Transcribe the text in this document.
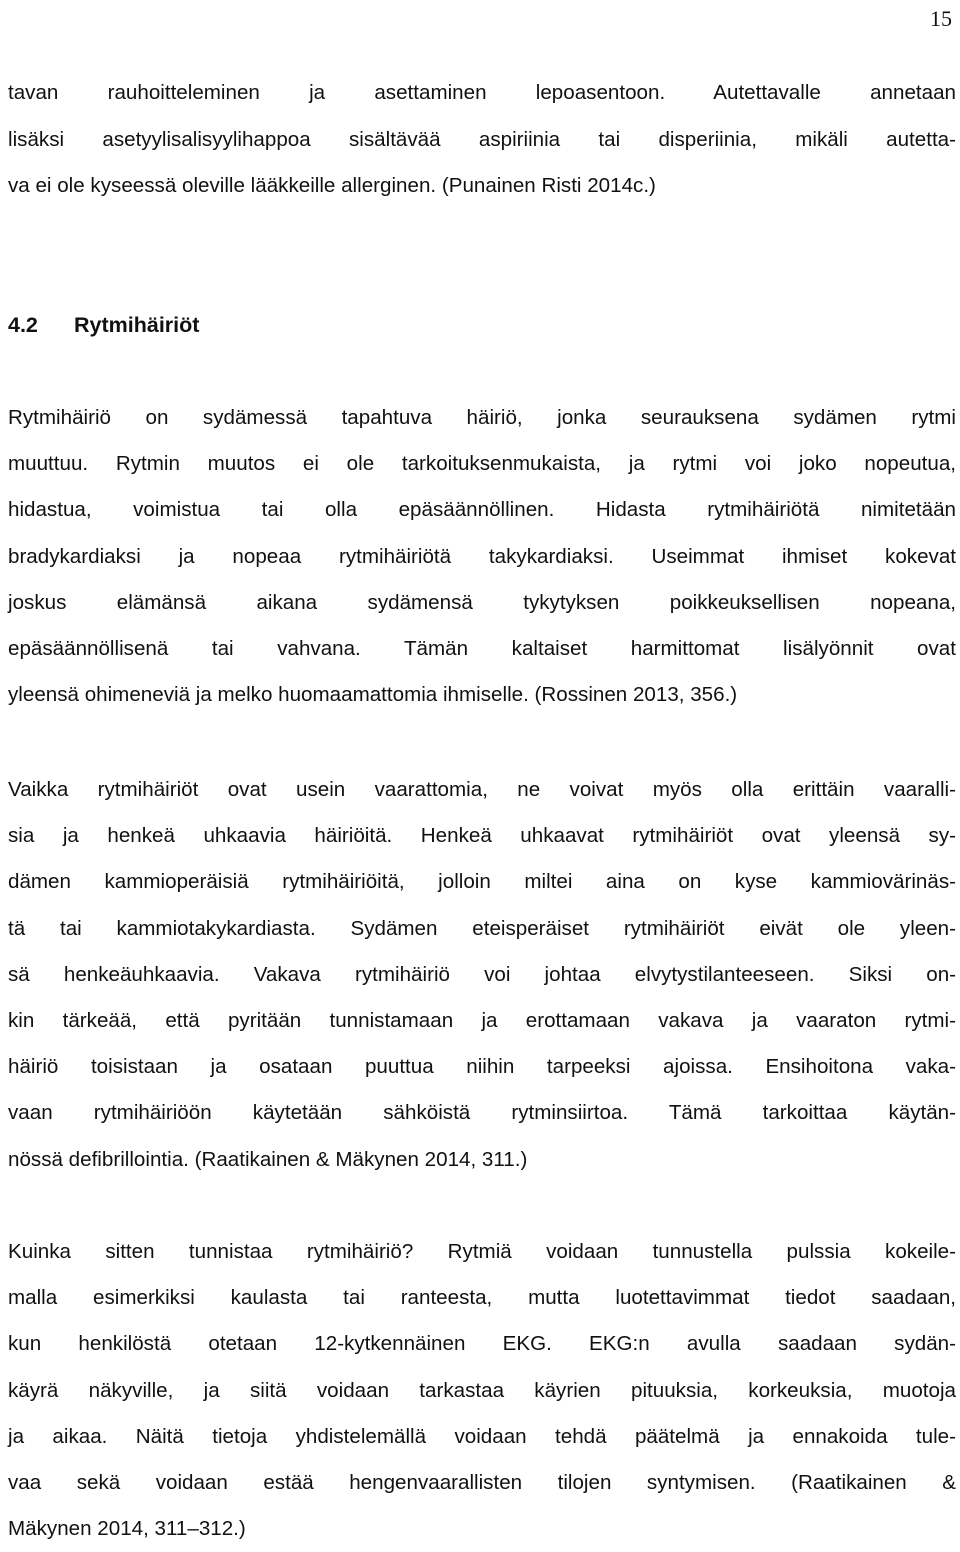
15

tavan rauhoitteleminen ja asettaminen lepoasentoon. Autettavalle annetaan
lisäksi asetyylisalisyylihappoa sisältävää aspiriinia tai disperiinia, mikäli autetta-
va ei ole kyseessä oleville lääkkeille allerginen. (Punainen Risti 2014c.)

4.2 Rytmihäiriöt

Rytmihäiriö on sydämessä tapahtuva häiriö, jonka seurauksena sydämen rytmi
muuttuu. Rytmin muutos ei ole tarkoituksenmukaista, ja rytmi voi joko nopeutua,
hidastua, voimistua tai olla epäsäännöllinen. Hidasta rytmihäiriötä nimitetään
bradykardiaksi ja nopeaa rytmihäiriötä takykardiaksi. Useimmat ihmiset kokevat
joskus elämänsä aikana sydämensä tykytyksen poikkeuksellisen nopeana,
epäsäännöllisenä tai vahvana. Tämän kaltaiset harmittomat lisälyönnit ovat
yleensä ohimeneviä ja melko huomaamattomia ihmiselle. (Rossinen 2013, 356.)

Vaikka rytmihäiriöt ovat usein vaarattomia, ne voivat myös olla erittäin vaaralli-
sia ja henkeä uhkaavia häiriöitä. Henkeä uhkaavat rytmihäiriöt ovat yleensä sy-
dämen kammioperäisiä rytmihäiriöitä, jolloin miltei aina on kyse kammiovärinäs-
tä tai kammiotakykardiasta. Sydämen eteisperäiset rytmihäiriöt eivät ole yleen-
sä henkeäuhkaavia. Vakava rytmihäiriö voi johtaa elvytystilanteeseen. Siksi on-
kin tärkeää, että pyritään tunnistamaan ja erottamaan vakava ja vaaraton rytmi-
häiriö toisistaan ja osataan puuttua niihin tarpeeksi ajoissa. Ensihoitona vaka-
vaan rytmihäiriöön käytetään sähköistä rytminsiirtoa. Tämä tarkoittaa käytän-
nössä defibrillointia. (Raatikainen & Mäkynen 2014, 311.)

Kuinka sitten tunnistaa rytmihäiriö? Rytmiä voidaan tunnustella pulssia kokeile-
malla esimerkiksi kaulasta tai ranteesta, mutta luotettavimmat tiedot saadaan,
kun henkilöstä otetaan 12-kytkennäinen EKG. EKG:n avulla saadaan sydän-
käyrä näkyville, ja siitä voidaan tarkastaa käyrien pituuksia, korkeuksia, muotoja
ja aikaa. Näitä tietoja yhdistelemällä voidaan tehdä päätelmä ja ennakoida tule-
vaa sekä voidaan estää hengenvaarallisten tilojen syntymisen. (Raatikainen &
Mäkynen 2014, 311–312.)
